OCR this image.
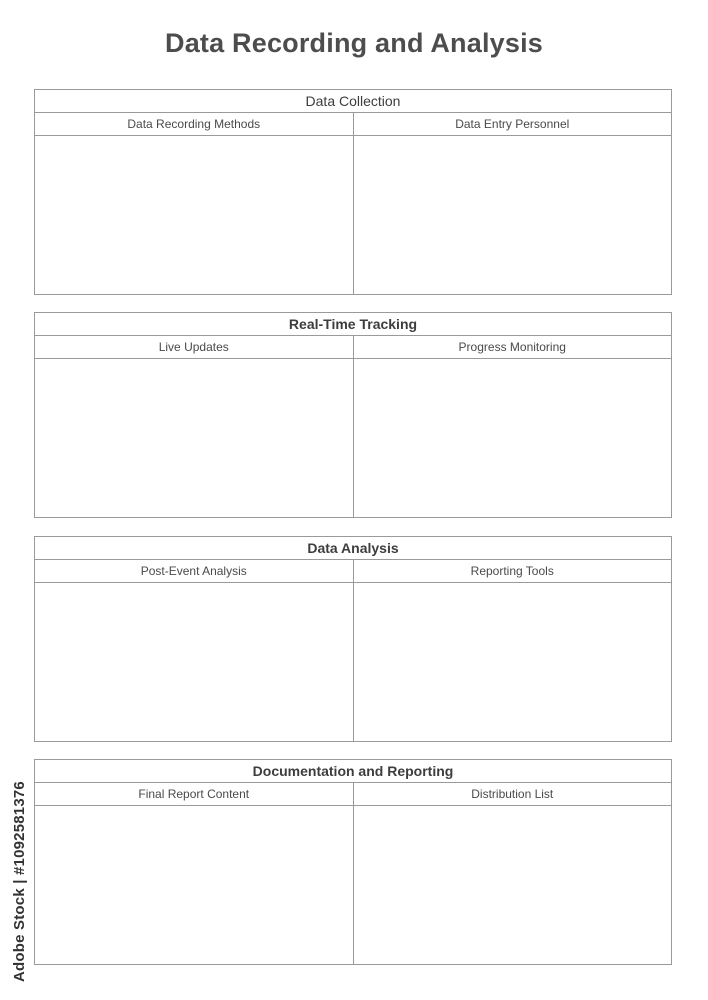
Data Recording and Analysis
Data Collection
Data Recording Methods	Data Entry Personnel
Real-Time Tracking
Live Updates	Progress Monitoring
Data Analysis
Post-Event Analysis	Reporting Tools
Documentation and Reporting
Final Report Content	Distribution List
Adobe Stock | #1092581376
